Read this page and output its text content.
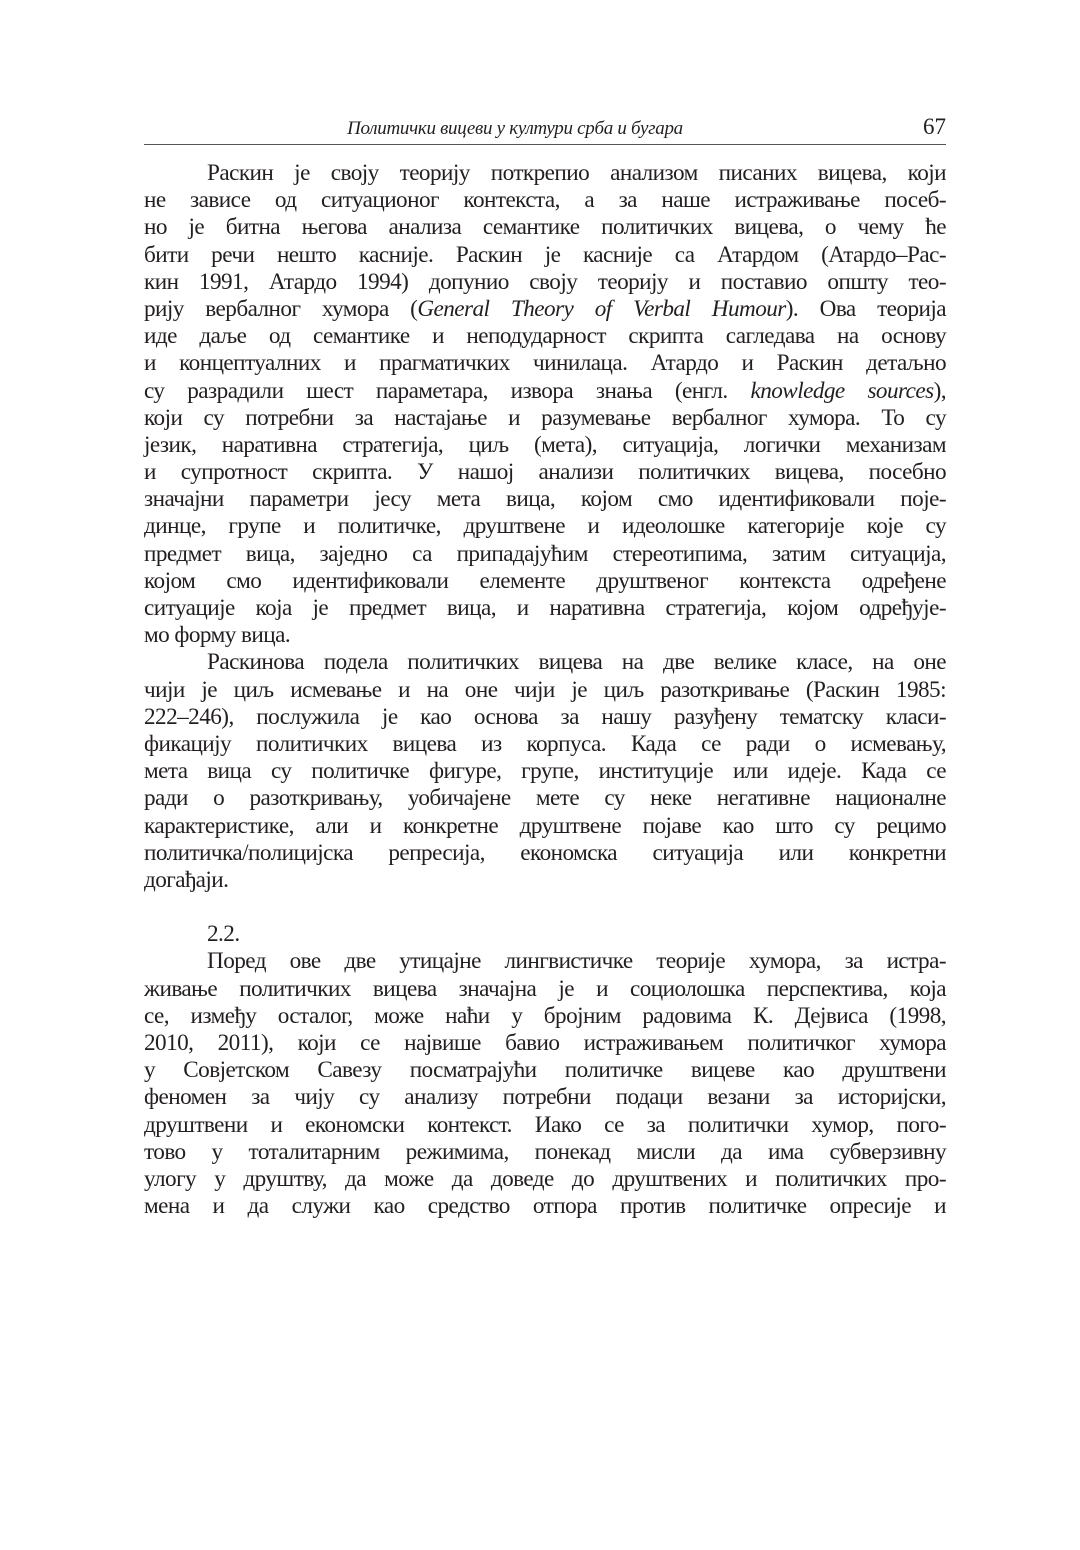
Политички вицеви у култури срба и бугара	67
Раскин је своју теорију поткрепио анализом писаних вицева, који
не зависе од ситуационог контекста, а за наше истраживање посеб-
но је битна његова анализа семантике политичких вицева, о чему ће
бити речи нешто касније. Раскин је касније са Атардом (Атардо–Рас-
кин 1991, Атардо 1994) допунио своју теорију и поставио општу тео-
рију вербалног хумора (General Theory of Verbal Humour). Ова теорија
иде даље од семантике и неподударност скрипта сагледава на основу
и концептуалних и прагматичких чинилаца. Атардо и Раскин детаљно
су разрадили шест параметара, извора знања (енгл. knowledge sources),
који су потребни за настајање и разумевање вербалног хумора. То су
језик, наративна стратегија, циљ (мета), ситуација, логички механизам
и супротност скрипта. У нашој анализи политичких вицева, посебно
значајни параметри јесу мета вица, којом смо идентификовали поје-
динце, групе и политичке, друштвене и идеолошке категорије које су
предмет вица, заједно са припадајућим стереотипима, затим ситуација,
којом смо идентификовали елементе друштвеног контекста одређене
ситуације која је предмет вица, и наративна стратегија, којом одређује-
мо форму вица.
Раскинова подела политичких вицева на две велике класе, на оне
чији је циљ исмевање и на оне чији је циљ разоткривање (Раскин 1985:
222–246), послужила је као основа за нашу разуђену тематску класи-
фикацију политичких вицева из корпуса. Када се ради о исмевању,
мета вица су политичке фигуре, групе, институције или идеје. Када се
ради о разоткривању, уобичајене мете су неке негативне националне
карактеристике, али и конкретне друштвене појаве као што су рецимо
политичка/полицијска репресија, економска ситуација или конкретни
догађаји.
2.2.
Поред ове две утицајне лингвистичке теорије хумора, за истра-
живање политичких вицева значајна је и социолошка перспектива, која
се, између осталог, може наћи у бројним радовима К. Дејвиса (1998,
2010, 2011), који се највише бавио истраживањем политичког хумора
у Совјетском Савезу посматрајући политичке вицеве као друштвени
феномен за чију су анализу потребни подаци везани за историјски,
друштвени и економски контекст. Иако се за политички хумор, пого-
тово у тоталитарним режимима, понекад мисли да има субверзивну
улогу у друштву, да може да доведе до друштвених и политичких про-
мена и да служи као средство отпора против политичке опресије и
